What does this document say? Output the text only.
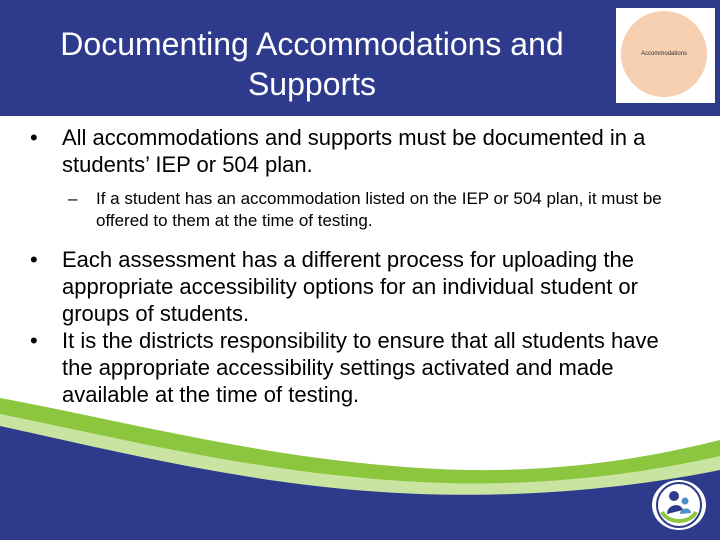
Documenting Accommodations and Supports
Accommodations
• All accommodations and supports must be documented in a students’ IEP or 504 plan.
– If a student has an accommodation listed on the IEP or 504 plan, it must be offered to them at the time of testing.
• Each assessment has a different process for uploading the appropriate accessibility options for an individual student or groups of students.
• It is the districts responsibility to ensure that all students have the appropriate accessibility settings activated and made available at the time of testing.
